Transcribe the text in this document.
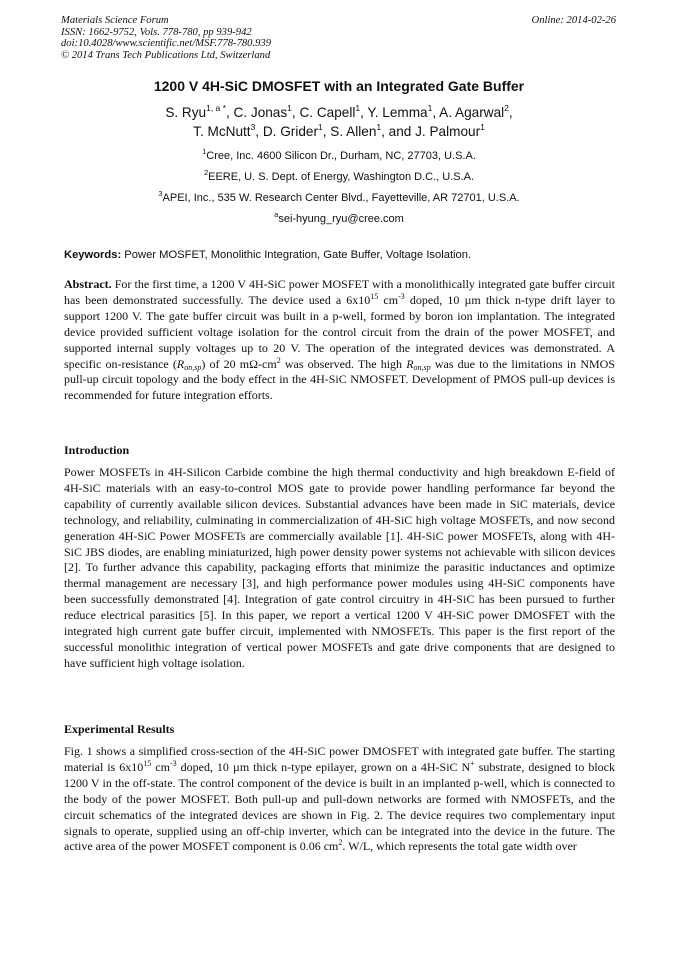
Materials Science Forum
ISSN: 1662-9752, Vols. 778-780, pp 939-942
doi:10.4028/www.scientific.net/MSF.778-780.939
© 2014 Trans Tech Publications Ltd, Switzerland
Online: 2014-02-26
1200 V 4H-SiC DMOSFET with an Integrated Gate Buffer
S. Ryu$^{1, a *}$, C. Jonas$^1$, C. Capell$^1$, Y. Lemma$^1$, A. Agarwal$^2$,
T. McNutt$^3$, D. Grider$^1$, S. Allen$^1$, and J. Palmour$^1$
$^1$Cree, Inc. 4600 Silicon Dr., Durham, NC, 27703, U.S.A.
$^2$EERE, U. S. Dept. of Energy, Washington D.C., U.S.A.
$^3$APEI, Inc., 535 W. Research Center Blvd., Fayetteville, AR 72701, U.S.A.
$^a$sei-hyung_ryu@cree.com
Keywords: Power MOSFET, Monolithic Integration, Gate Buffer, Voltage Isolation.
Abstract. For the first time, a 1200 V 4H-SiC power MOSFET with a monolithically integrated gate buffer circuit has been demonstrated successfully. The device used a $6x10^{15}$ $cm^{-3}$ doped, 10 µm thick n-type drift layer to support 1200 V. The gate buffer circuit was built in a p-well, formed by boron ion implantation. The integrated device provided sufficient voltage isolation for the control circuit from the drain of the power MOSFET, and supported internal supply voltages up to 20 V. The operation of the integrated devices was demonstrated. A specific on-resistance $(R_{on,sp})$ of 20 $m\Omega-cm^2$ was observed. The high $R_{on,sp}$ was due to the limitations in NMOS pull-up circuit topology and the body effect in the 4H-SiC NMOSFET. Development of PMOS pull-up devices is recommended for future integration efforts.
Introduction
Power MOSFETs in 4H-Silicon Carbide combine the high thermal conductivity and high breakdown E-field of 4H-SiC materials with an easy-to-control MOS gate to provide power handling performance far beyond the capability of currently available silicon devices. Substantial advances have been made in SiC materials, device technology, and reliability, culminating in commercialization of 4H-SiC high voltage MOSFETs, and now second generation 4H-SiC Power MOSFETs are commercially available [1]. 4H-SiC power MOSFETs, along with 4H-SiC JBS diodes, are enabling miniaturized, high power density power systems not achievable with silicon devices [2]. To further advance this capability, packaging efforts that minimize the parasitic inductances and optimize thermal management are necessary [3], and high performance power modules using 4H-SiC components have been successfully demonstrated [4]. Integration of gate control circuitry in 4H-SiC has been pursued to further reduce electrical parasitics [5]. In this paper, we report a vertical 1200 V 4H-SiC power DMOSFET with the integrated high current gate buffer circuit, implemented with NMOSFETs. This paper is the first report of the successful monolithic integration of vertical power MOSFETs and gate drive components that are designed to have sufficient high voltage isolation.
Experimental Results
Fig. 1 shows a simplified cross-section of the 4H-SiC power DMOSFET with integrated gate buffer. The starting material is $6x10^{15}$ $cm^{-3}$ doped, 10 µm thick n-type epilayer, grown on a 4H-SiC N+ substrate, designed to block 1200 V in the off-state. The control component of the device is built in an implanted p-well, which is connected to the body of the power MOSFET. Both pull-up and pull-down networks are formed with NMOSFETs, and the circuit schematics of the integrated devices are shown in Fig. 2. The device requires two complementary input signals to operate, supplied using an off-chip inverter, which can be integrated into the device in the future. The active area of the power MOSFET component is 0.06 $cm^2$. W/L, which represents the total gate width over
